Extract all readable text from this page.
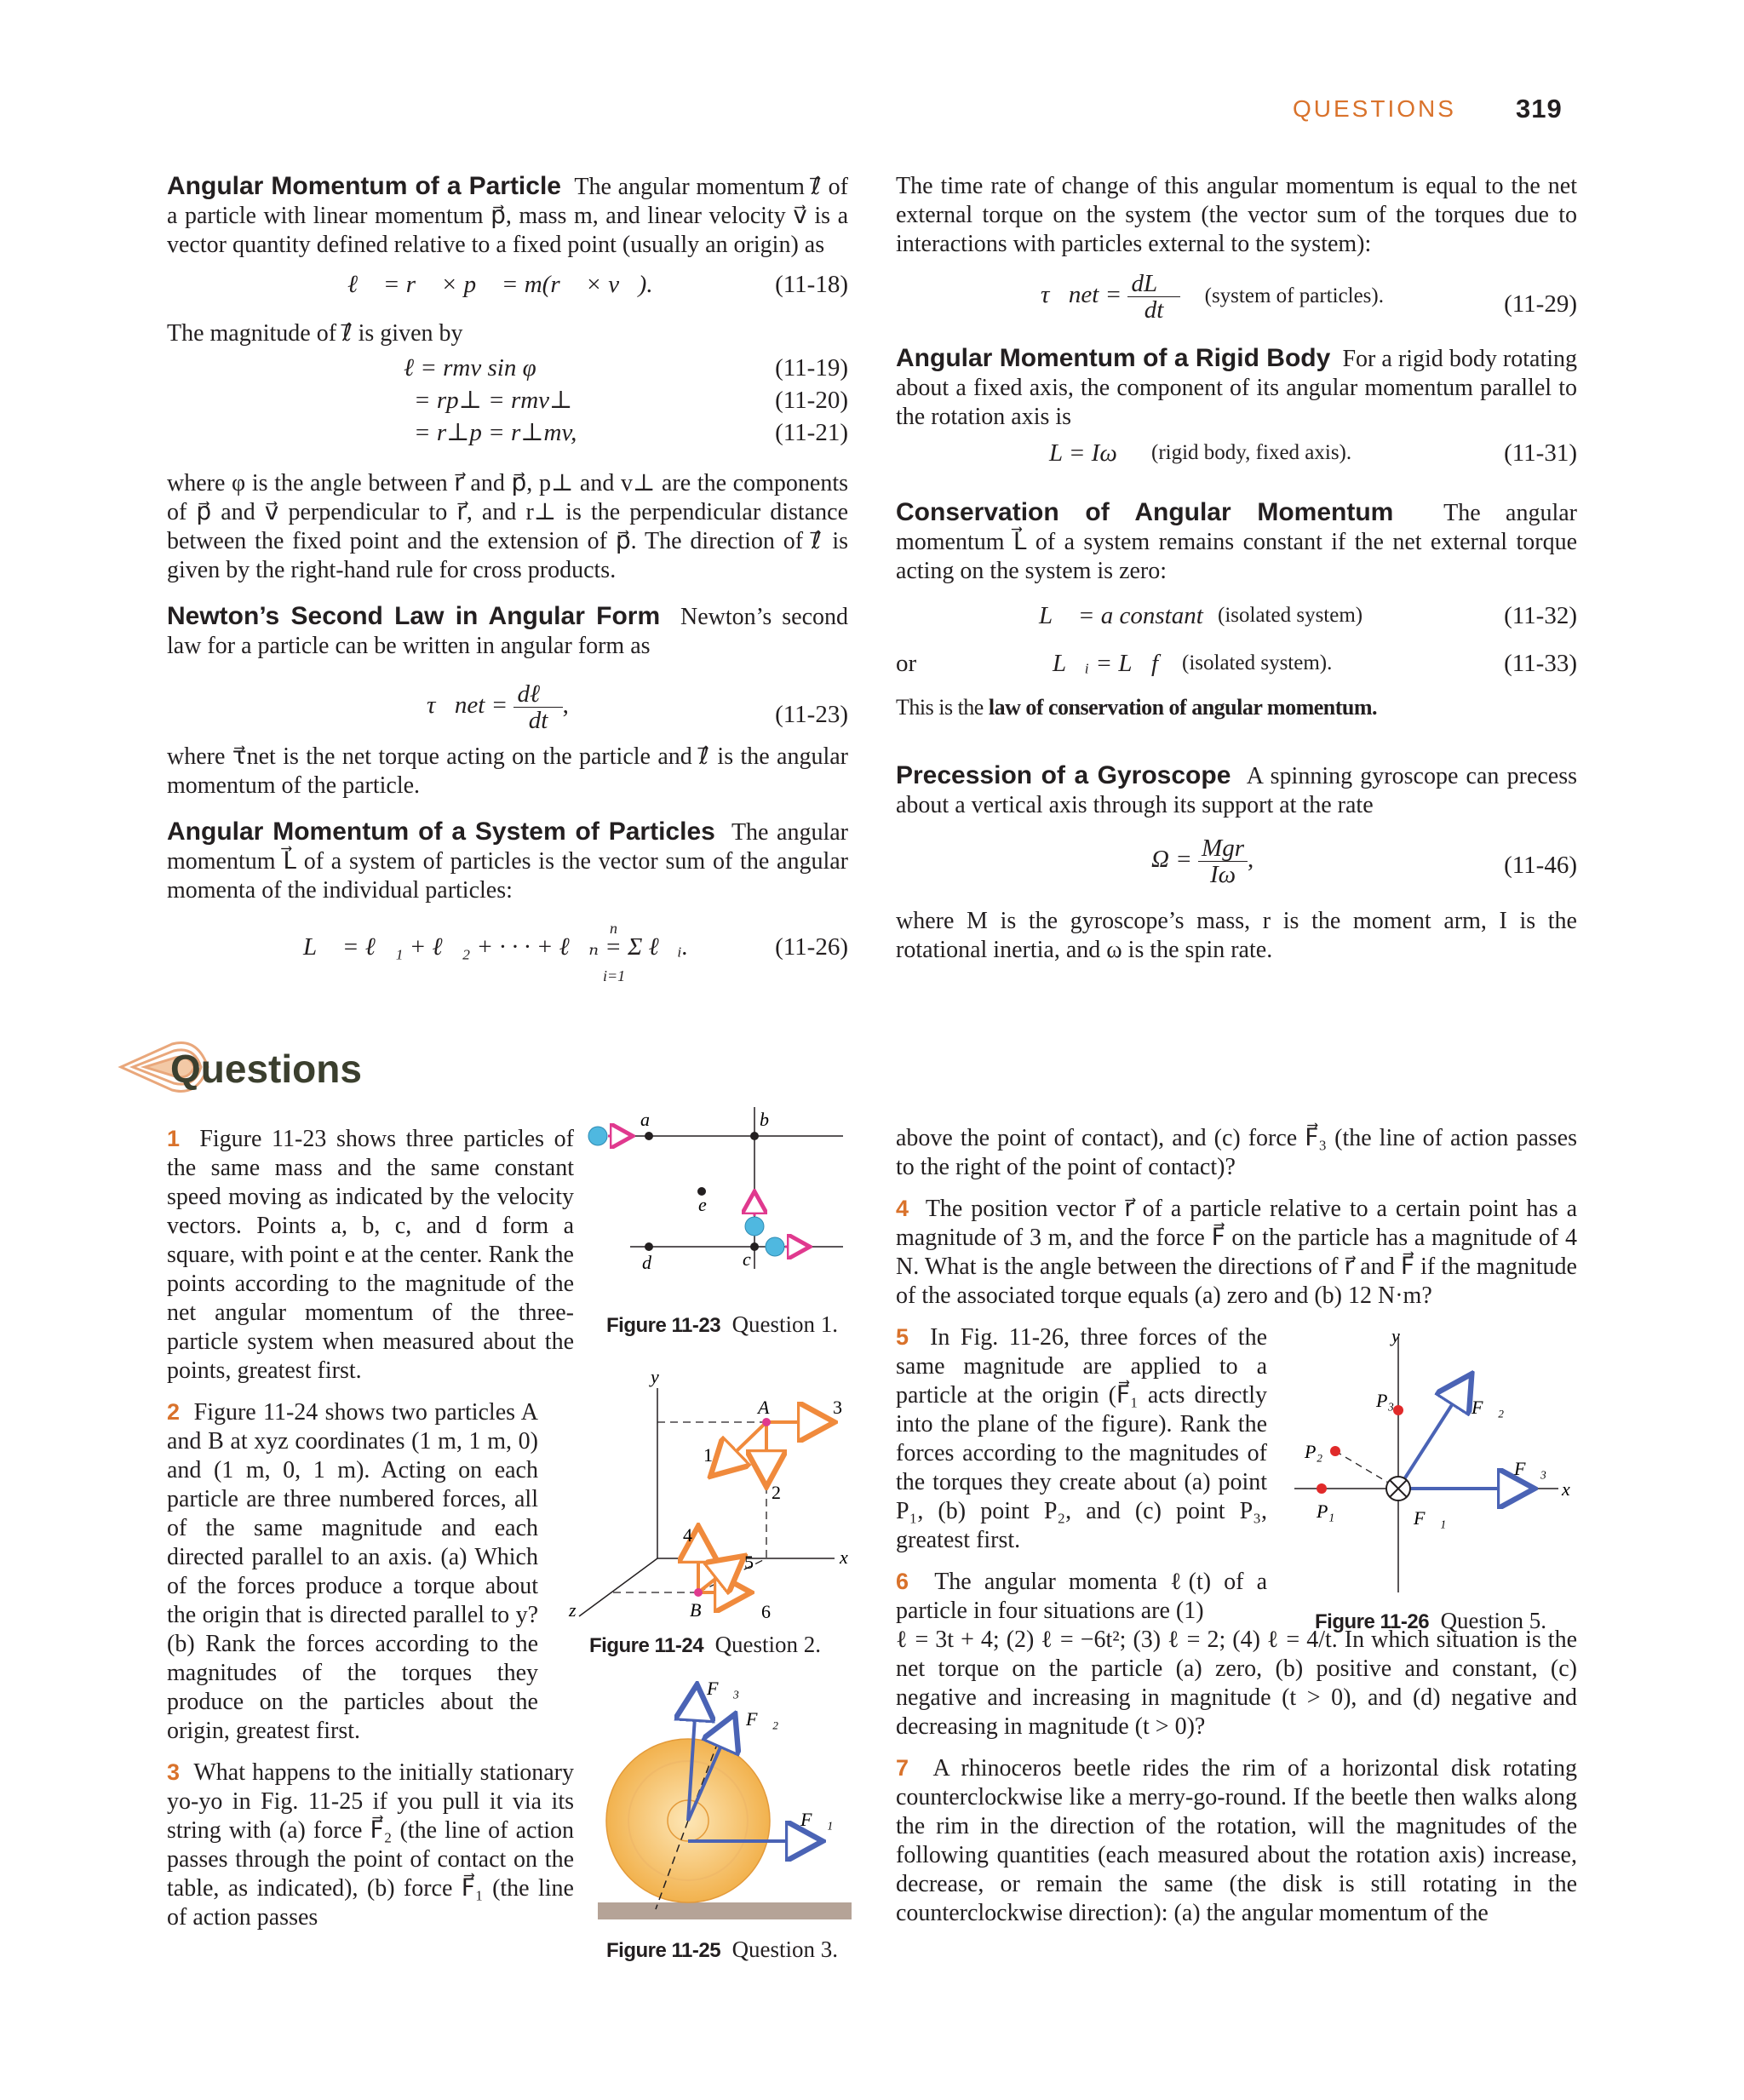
QUESTIONS 319

Angular Momentum of a Particle The angular momentum ℓ⃗ of a particle with linear momentum p⃗, mass m, and linear velocity v⃗ is a vector quantity defined relative to a fixed point (usually an origin) as

ℓ⃗ = r⃗ × p⃗ = m(r⃗ × v⃗).	(11-18)

The magnitude of ℓ⃗ is given by

ℓ = rmv sin φ	(11-19)
= rp⊥ = rmv⊥	(11-20)
= r⊥p = r⊥mv,	(11-21)

where φ is the angle between r⃗ and p⃗, p⊥ and v⊥ are the components of p⃗ and v⃗ perpendicular to r⃗, and r⊥ is the perpendicular distance between the fixed point and the extension of p⃗. The direction of ℓ⃗ is given by the right-hand rule for cross products.

Newton’s Second Law in Angular Form Newton’s second law for a particle can be written in angular form as

τ⃗net = $\frac{\text{dℓ⃗}}{dt}$ ,	(11-23)

where τ⃗net is the net torque acting on the particle and ℓ⃗ is the angular momentum of the particle.

Angular Momentum of a System of Particles The angular momentum L⃗ of a system of particles is the vector sum of the angular momenta of the individual particles:

L⃗ = ℓ⃗₁ + ℓ⃗₂ + · · · + ℓ⃗ₙ = Σ ℓ⃗ᵢ.
n
i=1
(11-26)

The time rate of change of this angular momentum is equal to the net external torque on the system (the vector sum of the torques due to interactions with particles external to the system):

τ⃗net = $\frac{dL⃗}{dt}$ (system of particles).	(11-29)

Angular Momentum of a Rigid Body For a rigid body rotating about a fixed axis, the component of its angular momentum parallel to the rotation axis is

L = Iω (rigid body, fixed axis).	(11-31)

Conservation of Angular Momentum The angular momentum L⃗ of a system remains constant if the net external torque acting on the system is zero:

L⃗ = a constant (isolated system)	(11-32)
or	L⃗ᵢ = L⃗f (isolated system).	(11-33)

This is the law of conservation of angular momentum.

Precession of a Gyroscope A spinning gyroscope can precess about a vertical axis through its support at the rate

$\Omega = \frac{\text{Mgr}}{I\omega}$ ,	(11-46)

where M is the gyroscope’s mass, r is the moment arm, I is the rotational inertia, and ω is the spin rate.

Questions

1 Figure 11-23 shows three particles of the same mass and the same constant speed moving as indicated by the velocity vectors. Points a, b, c, and d form a square, with point e at the center. Rank the points according to the magnitude of the net angular momentum of the three-particle system when measured about the points, greatest first.

2 Figure 11-24 shows two particles A and B at xyz coordinates (1 m, 1 m, 0) and (1 m, 0, 1 m). Acting on each particle are three numbered forces, all of the same magnitude and each directed parallel to an axis. (a) Which of the forces produce a torque about the origin that is directed parallel to y? (b) Rank the forces according to the magnitudes of the torques they produce on the particles about the origin, greatest first.

3 What happens to the initially stationary yo-yo in Fig. 11-25 if you pull it via its string with (a) force F⃗₂ (the line of action passes through the point of contact on the table, as indicated), (b) force F⃗₁ (the line of action passes

above the point of contact), and (c) force F⃗₃ (the line of action passes to the right of the point of contact)?

4 The position vector r⃗ of a particle relative to a certain point has a magnitude of 3 m, and the force F⃗ on the particle has a magnitude of 4 N. What is the angle between the directions of r⃗ and F⃗ if the magnitude of the associated torque equals (a) zero and (b) 12 N·m?

5 In Fig. 11-26, three forces of the same magnitude are applied to a particle at the origin (F⃗₁ acts directly into the plane of the figure). Rank the forces according to the magnitudes of the torques they create about (a) point P₁, (b) point P₂, and (c) point P₃, greatest first.

6 The angular momenta ℓ(t) of a particle in four situations are (1)
ℓ = 3t + 4; (2) ℓ = −6t²; (3) ℓ = 2; (4) ℓ = 4/t. In which situation is the net torque on the particle (a) zero, (b) positive and constant, (c) negative and increasing in magnitude (t > 0), and (d) negative and decreasing in magnitude (t > 0)?

7 A rhinoceros beetle rides the rim of a horizontal disk rotating counterclockwise like a merry-go-round. If the beetle then walks along the rim in the direction of the rotation, will the magnitudes of the following quantities (each measured about the rotation axis) increase, decrease, or remain the same (the disk is still rotating in the counterclockwise direction): (a) the angular momentum of the

a	b
c
d
e
Figure 11-23 Question 1.
y
x
z
A
B
1
2
3
4
5
6
Figure 11-24 Question 2.
F⃗₁
F⃗₂
F⃗₃
Figure 11-25 Question 3.
y
x
P₁
P₂
P₃
F⃗₁
F⃗₂
F⃗₃
Figure 11-26 Question 5.
